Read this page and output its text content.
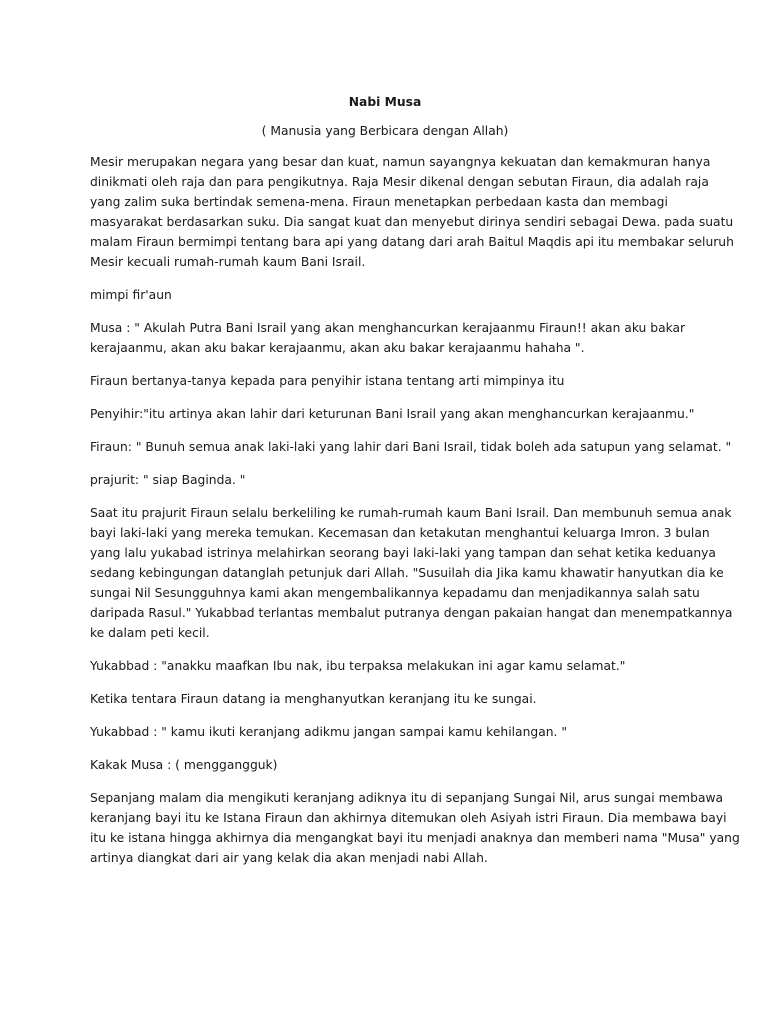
Nabi Musa
( Manusia yang Berbicara dengan Allah)
Mesir merupakan negara yang besar dan kuat, namun sayangnya kekuatan dan kemakmuran hanya
dinikmati oleh raja dan para pengikutnya. Raja Mesir dikenal dengan sebutan Firaun, dia adalah raja
yang zalim suka bertindak semena-mena. Firaun menetapkan perbedaan kasta dan membagi
masyarakat berdasarkan suku. Dia sangat kuat dan menyebut dirinya sendiri sebagai Dewa. pada suatu
malam Firaun bermimpi tentang bara api yang datang dari arah Baitul Maqdis api itu membakar seluruh
Mesir kecuali rumah-rumah kaum Bani Israil.
mimpi fir'aun
Musa : " Akulah Putra Bani Israil yang akan menghancurkan kerajaanmu Firaun!! akan aku bakar
kerajaanmu, akan aku bakar kerajaanmu, akan aku bakar kerajaanmu hahaha ".
Firaun bertanya-tanya kepada para penyihir istana tentang arti mimpinya itu
Penyihir:"itu artinya akan lahir dari keturunan Bani Israil yang akan menghancurkan kerajaanmu."
Firaun: " Bunuh semua anak laki-laki yang lahir dari Bani Israil, tidak boleh ada satupun yang selamat. "
prajurit: " siap Baginda. "
Saat itu prajurit Firaun selalu berkeliling ke rumah-rumah kaum Bani Israil. Dan membunuh semua anak
bayi laki-laki yang mereka temukan. Kecemasan dan ketakutan menghantui keluarga Imron. 3 bulan
yang lalu yukabad istrinya melahirkan seorang bayi laki-laki yang tampan dan sehat ketika keduanya
sedang kebingungan datanglah petunjuk dari Allah. "Susuilah dia Jika kamu khawatir hanyutkan dia ke
sungai Nil Sesungguhnya kami akan mengembalikannya kepadamu dan menjadikannya salah satu
daripada Rasul." Yukabbad terlantas membalut putranya dengan pakaian hangat dan menempatkannya
ke dalam peti kecil.
Yukabbad : "anakku maafkan Ibu nak, ibu terpaksa melakukan ini agar kamu selamat."
Ketika tentara Firaun datang ia menghanyutkan keranjang itu ke sungai.
Yukabbad : " kamu ikuti keranjang adikmu jangan sampai kamu kehilangan. "
Kakak Musa : ( menggangguk)
Sepanjang malam dia mengikuti keranjang adiknya itu di sepanjang Sungai Nil, arus sungai membawa
keranjang bayi itu ke Istana Firaun dan akhirnya ditemukan oleh Asiyah istri Firaun. Dia membawa bayi
itu ke istana hingga akhirnya dia mengangkat bayi itu menjadi anaknya dan memberi nama "Musa" yang
artinya diangkat dari air yang kelak dia akan menjadi nabi Allah.
